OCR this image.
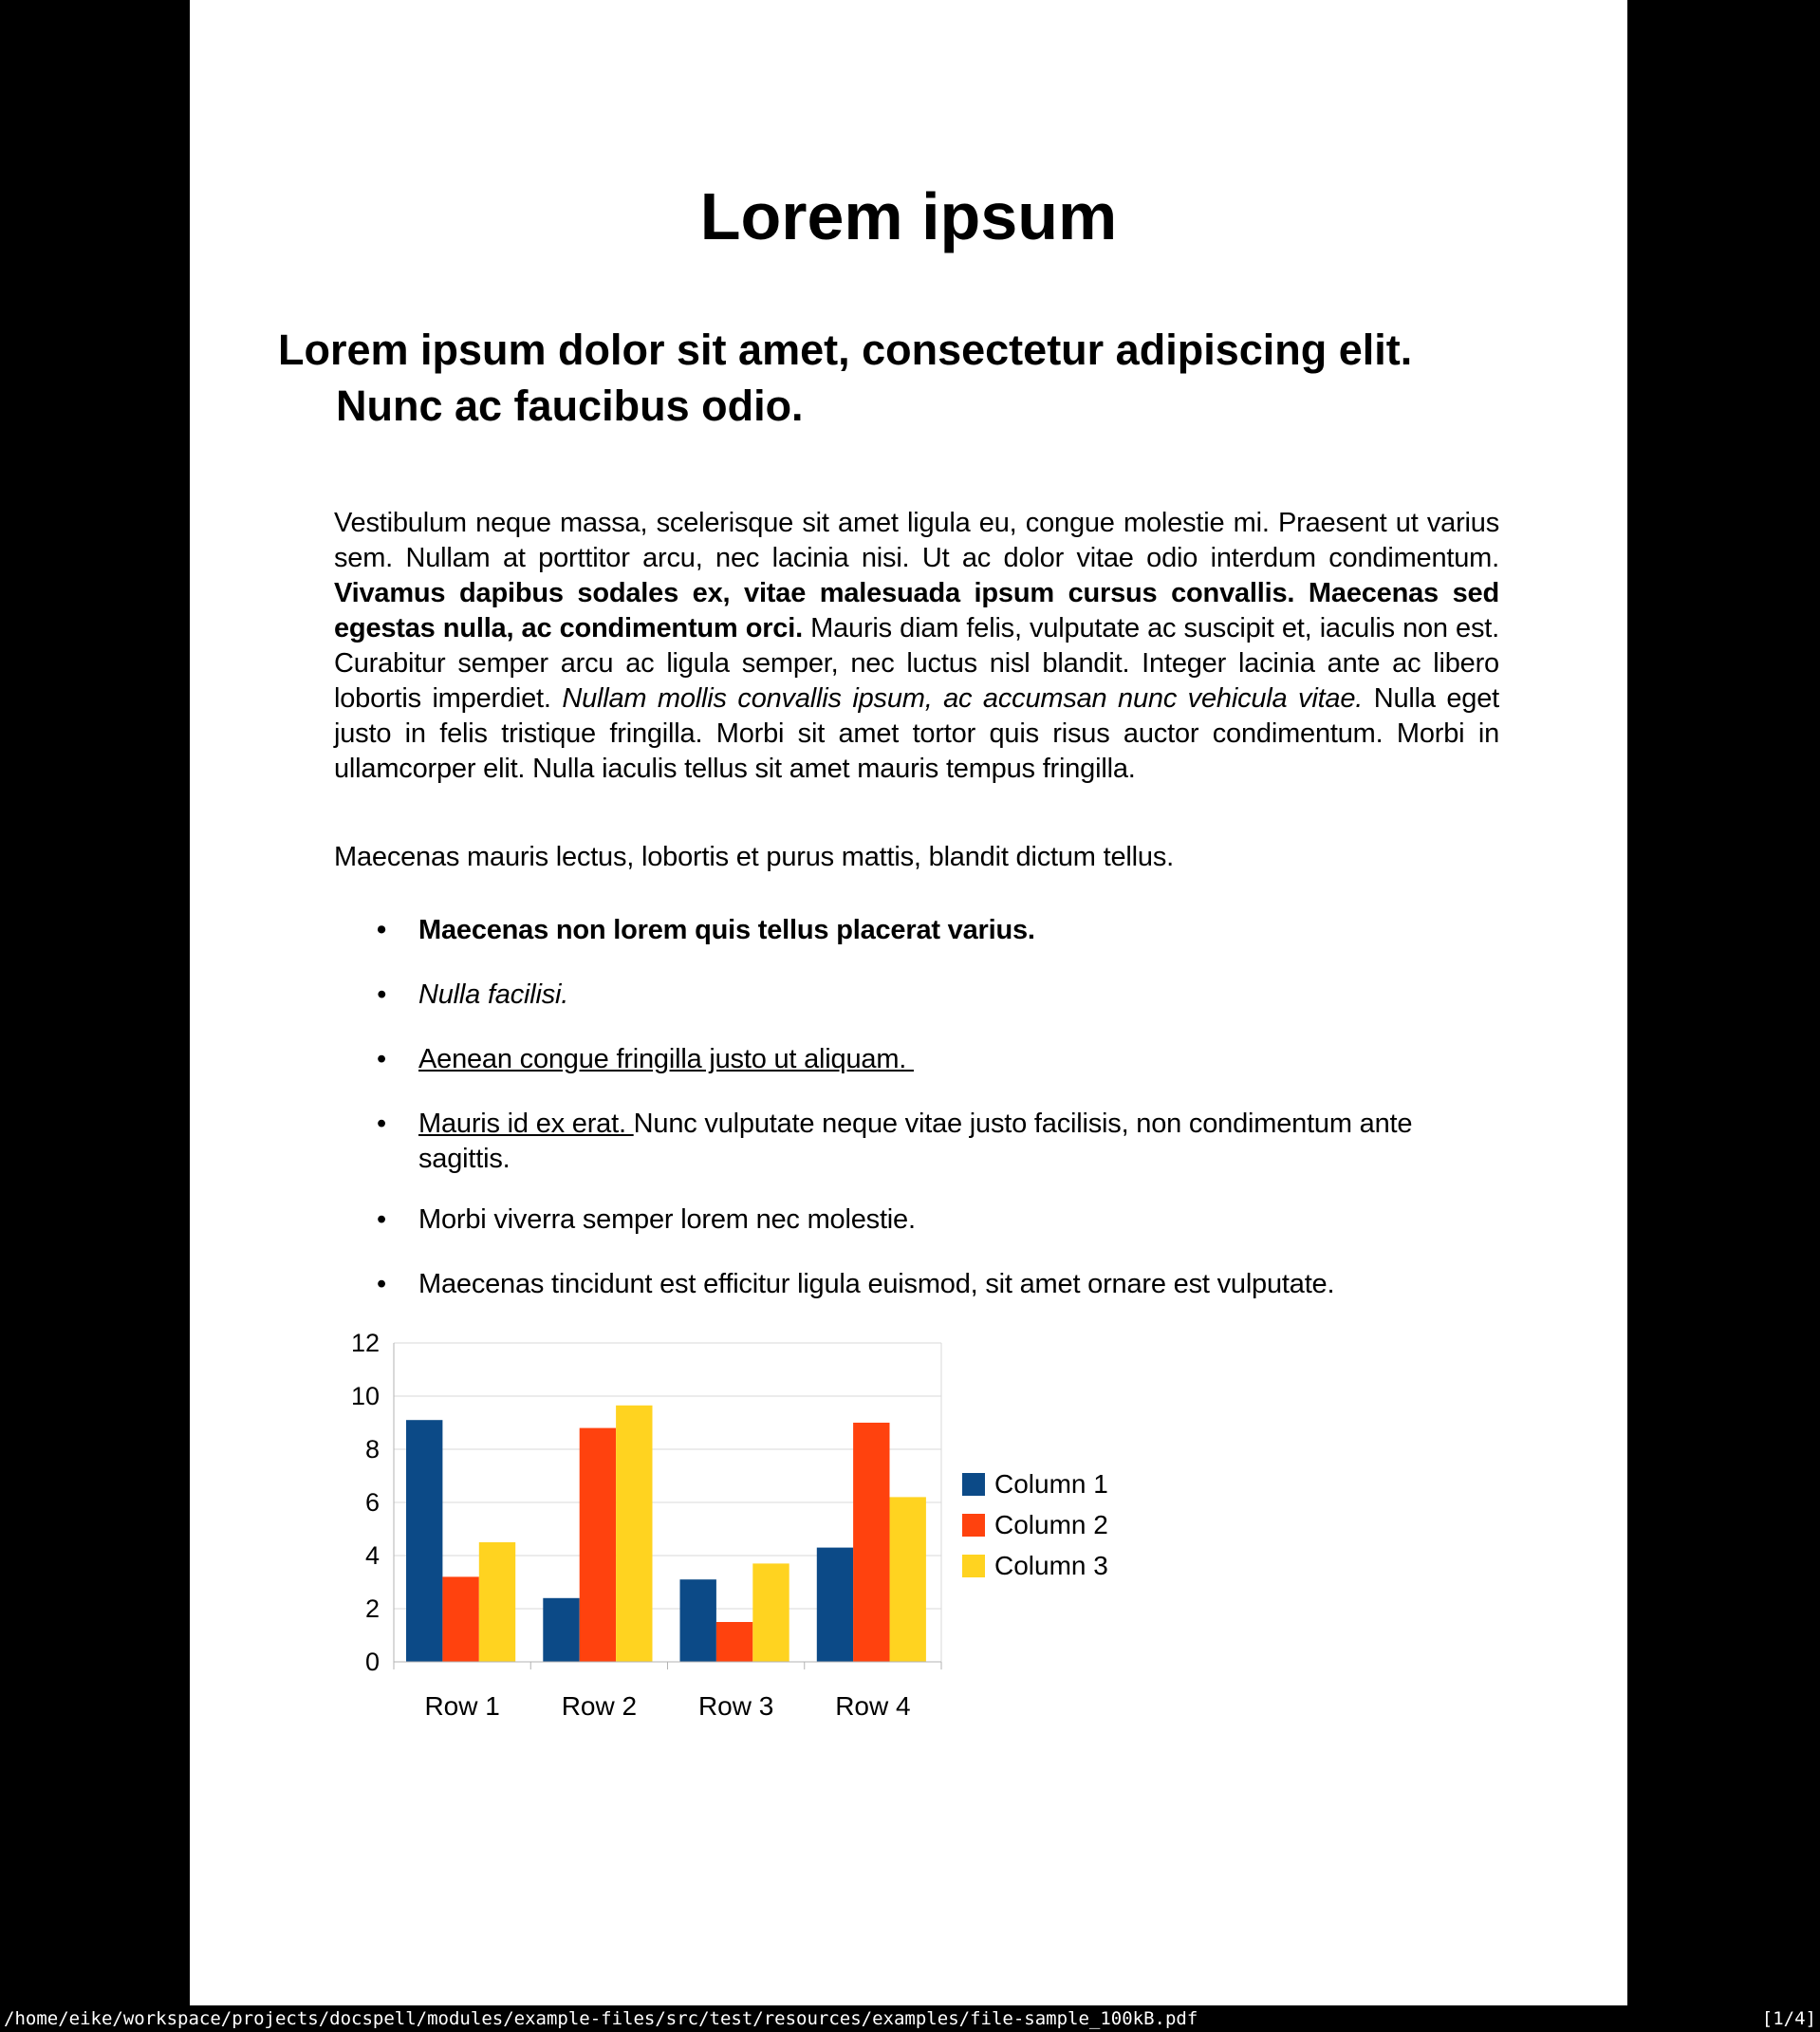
Lorem ipsum
Lorem ipsum dolor sit amet, consectetur adipiscing elit.
Nunc ac faucibus odio.
Vestibulum neque massa, scelerisque sit amet ligula eu, congue molestie mi. Praesent ut varius sem. Nullam at porttitor arcu, nec lacinia nisi. Ut ac dolor vitae odio interdum condimentum. Vivamus dapibus sodales ex, vitae malesuada ipsum cursus convallis. Maecenas sed egestas nulla, ac condimentum orci. Mauris diam felis, vulputate ac suscipit et, iaculis non est. Curabitur semper arcu ac ligula semper, nec luctus nisl blandit. Integer lacinia ante ac libero lobortis imperdiet. Nullam mollis convallis ipsum, ac accumsan nunc vehicula vitae. Nulla eget justo in felis tristique fringilla. Morbi sit amet tortor quis risus auctor condimentum. Morbi in ullamcorper elit. Nulla iaculis tellus sit amet mauris tempus fringilla.
Maecenas mauris lectus, lobortis et purus mattis, blandit dictum tellus.
• Maecenas non lorem quis tellus placerat varius.
• Nulla facilisi.
• Aenean congue fringilla justo ut aliquam.
• Mauris id ex erat. Nunc vulputate neque vitae justo facilisis, non condimentum ante sagittis.
• Morbi viverra semper lorem nec molestie.
• Maecenas tincidunt est efficitur ligula euismod, sit amet ornare est vulputate.
0
2
4
6
8
10
12
Row 1 Row 2 Row 3 Row 4
Column 1
Column 2
Column 3
/home/eike/workspace/projects/docspell/modules/example-files/src/test/resources/examples/file-sample_100kB.pdf	[1/4]
